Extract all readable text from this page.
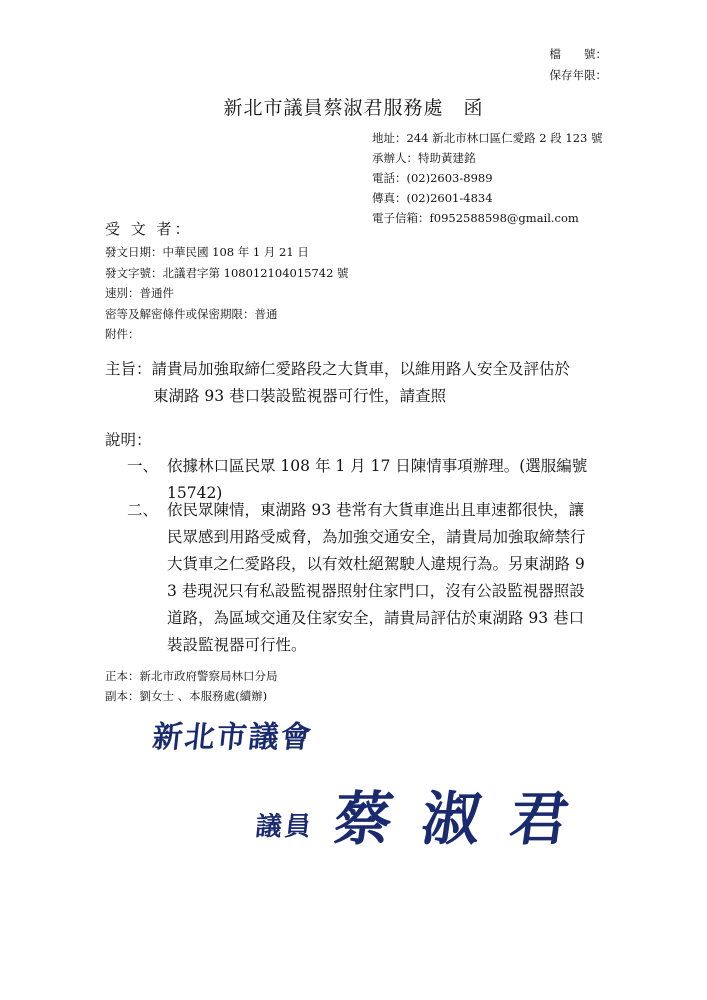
檔　　號：
保存年限：
新北市議員蔡淑君服務處　函
地址：244 新北市林口區仁愛路 2 段 123 號
承辦人：特助黃建銘
電話：(02)2603-8989
傳真：(02)2601-4834
電子信箱：f0952588598@gmail.com
受 文 者：
發文日期：中華民國 108 年 1 月 21 日
發文字號：北議君字第 108012104015742 號
速別：普通件
密等及解密條件或保密期限：普通
附件：
主旨：請貴局加強取締仁愛路段之大貨車，以維用路人安全及評估於
東湖路 93 巷口裝設監視器可行性，請查照
說明：
一、 依據林口區民眾 108 年 1 月 17 日陳情事項辦理。(選服編號
15742)
二、 依民眾陳情，東湖路 93 巷常有大貨車進出且車速都很快，讓
民眾感到用路受威脅，為加強交通安全，請貴局加強取締禁行
大貨車之仁愛路段，以有效杜絕駕駛人違規行為。另東湖路 9
3 巷現況只有私設監視器照射住家門口，沒有公設監視器照設
道路，為區域交通及住家安全，請貴局評估於東湖路 93 巷口
裝設監視器可行性。
正本：新北市政府警察局林口分局
副本：劉女士 、本服務處(續辦)
新北市議會
議員 蔡淑君
